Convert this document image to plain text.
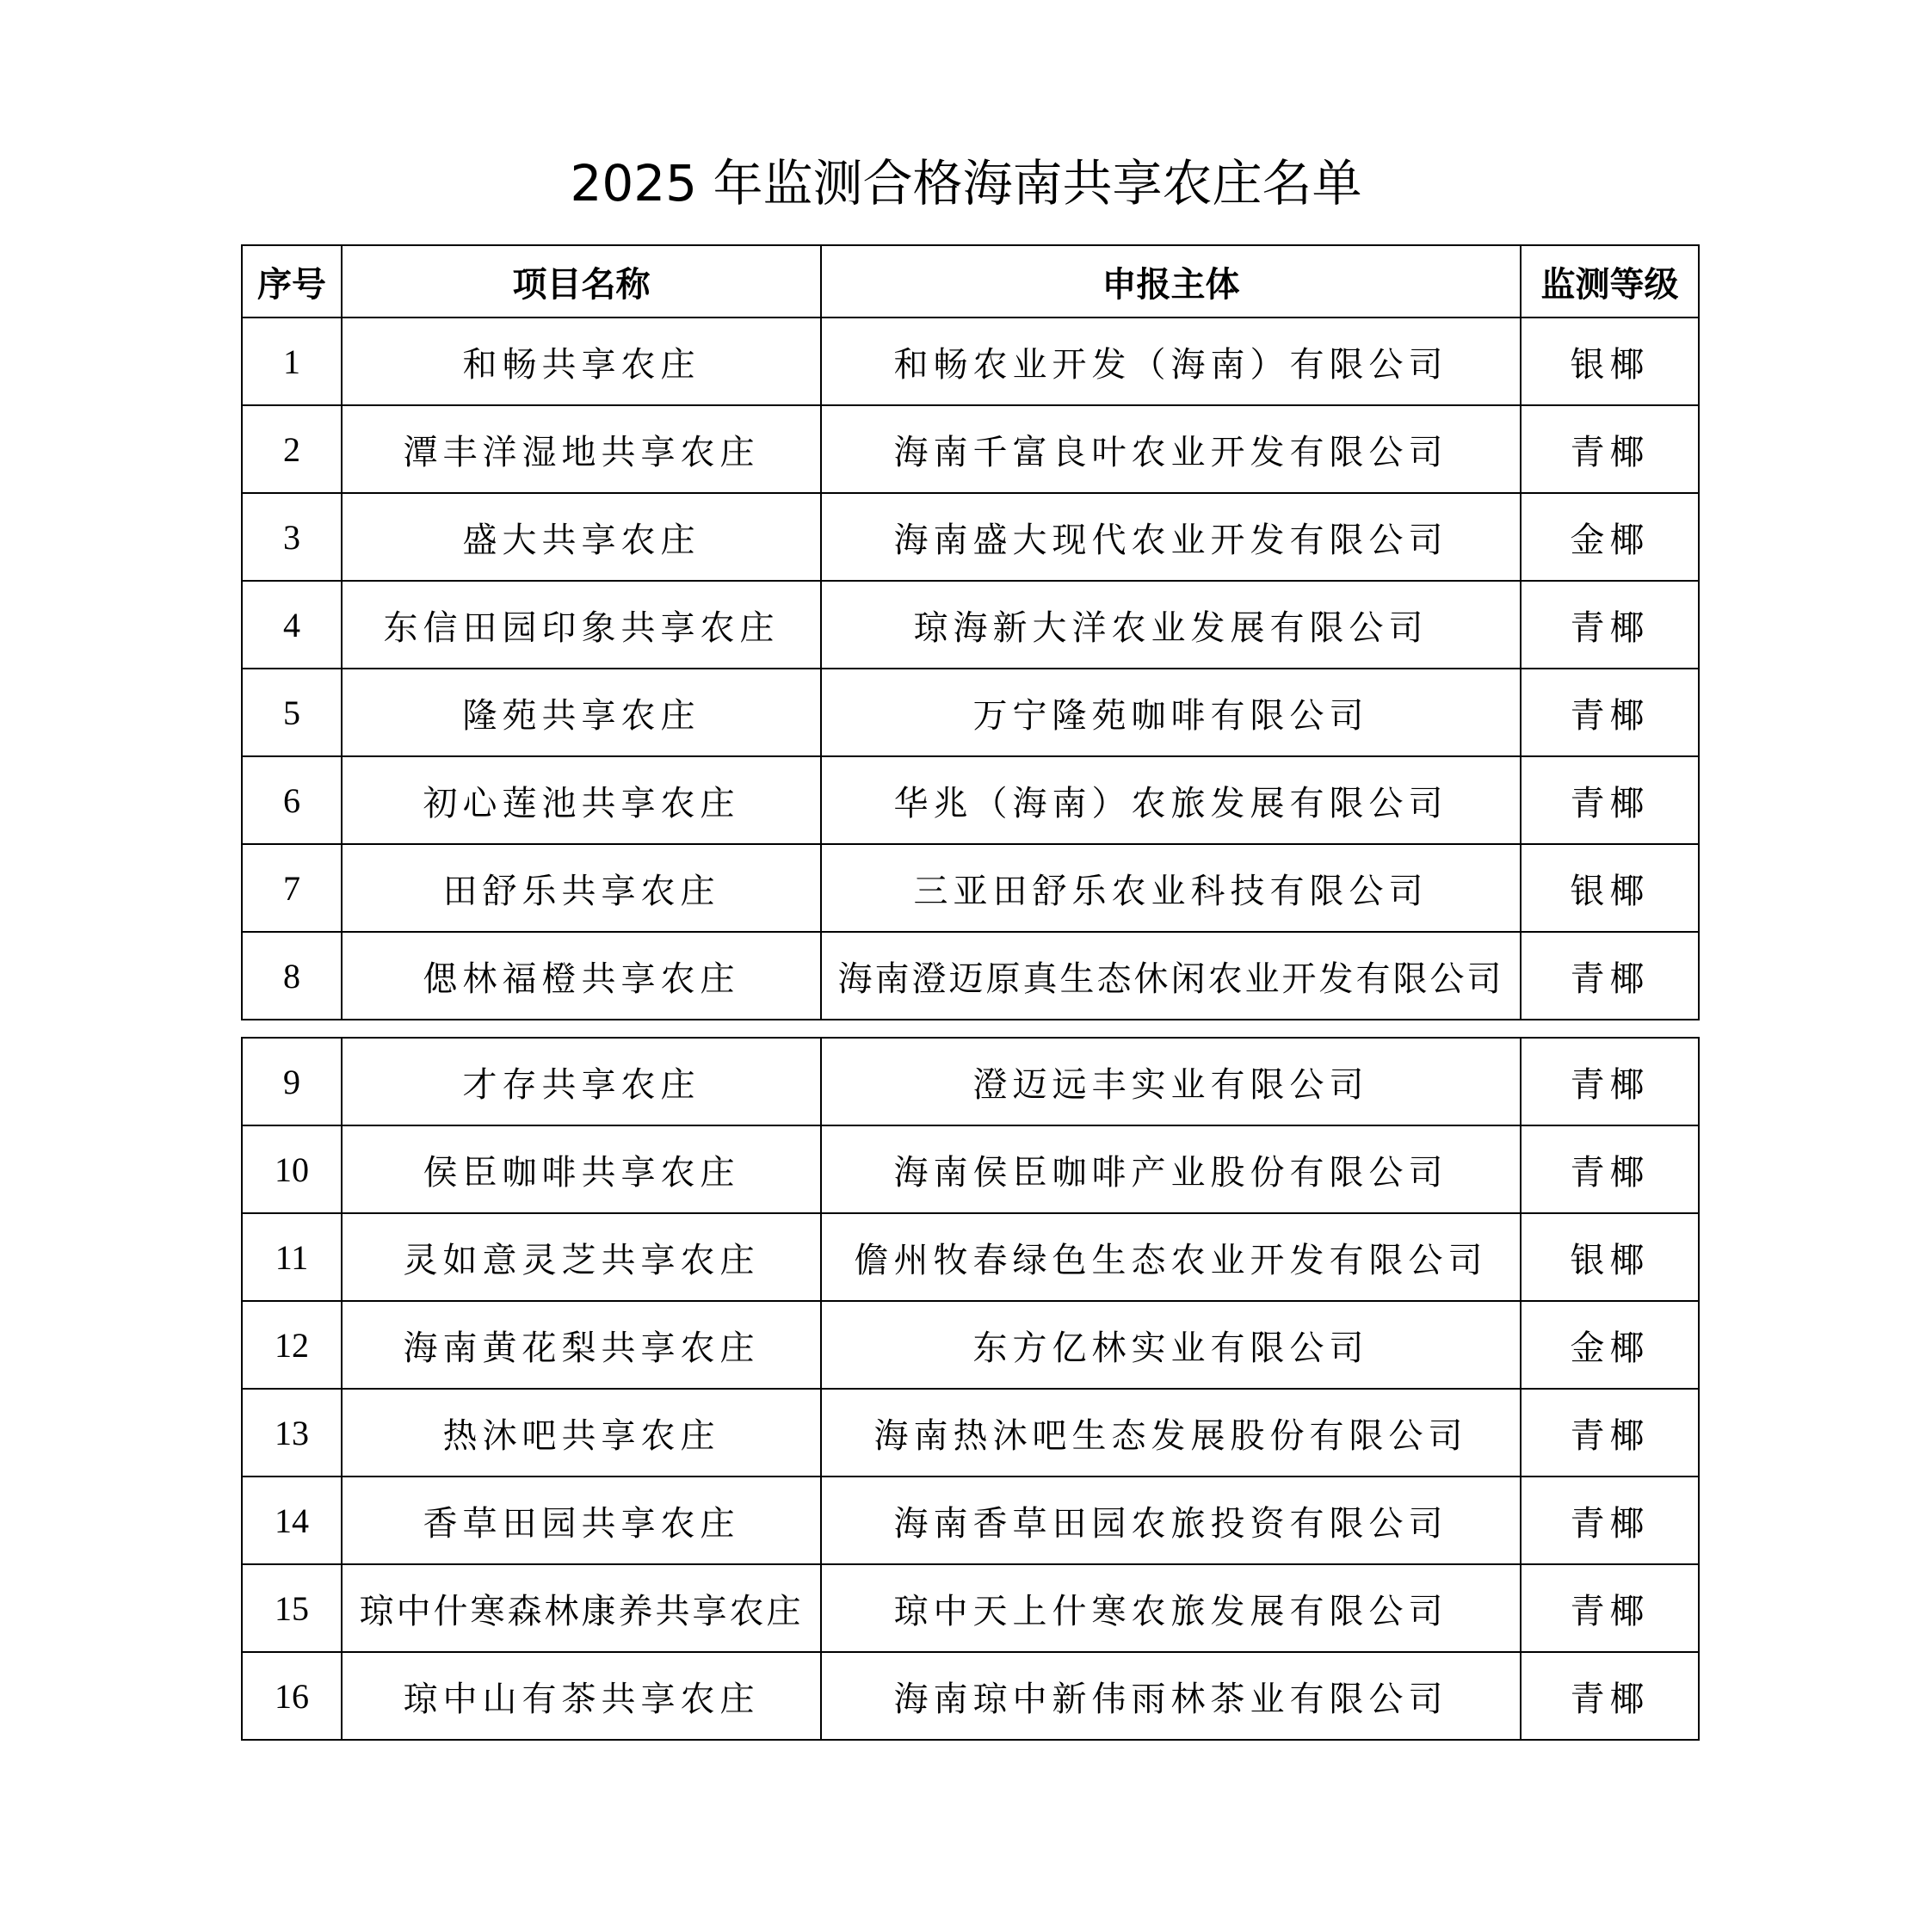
2025 年监测合格海南共享农庄名单
序号	项目名称	申报主体	监测等级
1	和畅共享农庄	和畅农业开发（海南）有限公司	银椰
2	潭丰洋湿地共享农庄	海南千富良叶农业开发有限公司	青椰
3	盛大共享农庄	海南盛大现代农业开发有限公司	金椰
4	东信田园印象共享农庄	琼海新大洋农业发展有限公司	青椰
5	隆苑共享农庄	万宁隆苑咖啡有限公司	青椰
6	初心莲池共享农庄	华兆（海南）农旅发展有限公司	青椰
7	田舒乐共享农庄	三亚田舒乐农业科技有限公司	银椰
8	偲林福橙共享农庄	海南澄迈原真生态休闲农业开发有限公司	青椰
9	才存共享农庄	澄迈远丰实业有限公司	青椰
10	侯臣咖啡共享农庄	海南侯臣咖啡产业股份有限公司	青椰
11	灵如意灵芝共享农庄	儋州牧春绿色生态农业开发有限公司	银椰
12	海南黄花梨共享农庄	东方亿林实业有限公司	金椰
13	热沐吧共享农庄	海南热沐吧生态发展股份有限公司	青椰
14	香草田园共享农庄	海南香草田园农旅投资有限公司	青椰
15	琼中什寒森林康养共享农庄	琼中天上什寒农旅发展有限公司	青椰
16	琼中山有茶共享农庄	海南琼中新伟雨林茶业有限公司	青椰
